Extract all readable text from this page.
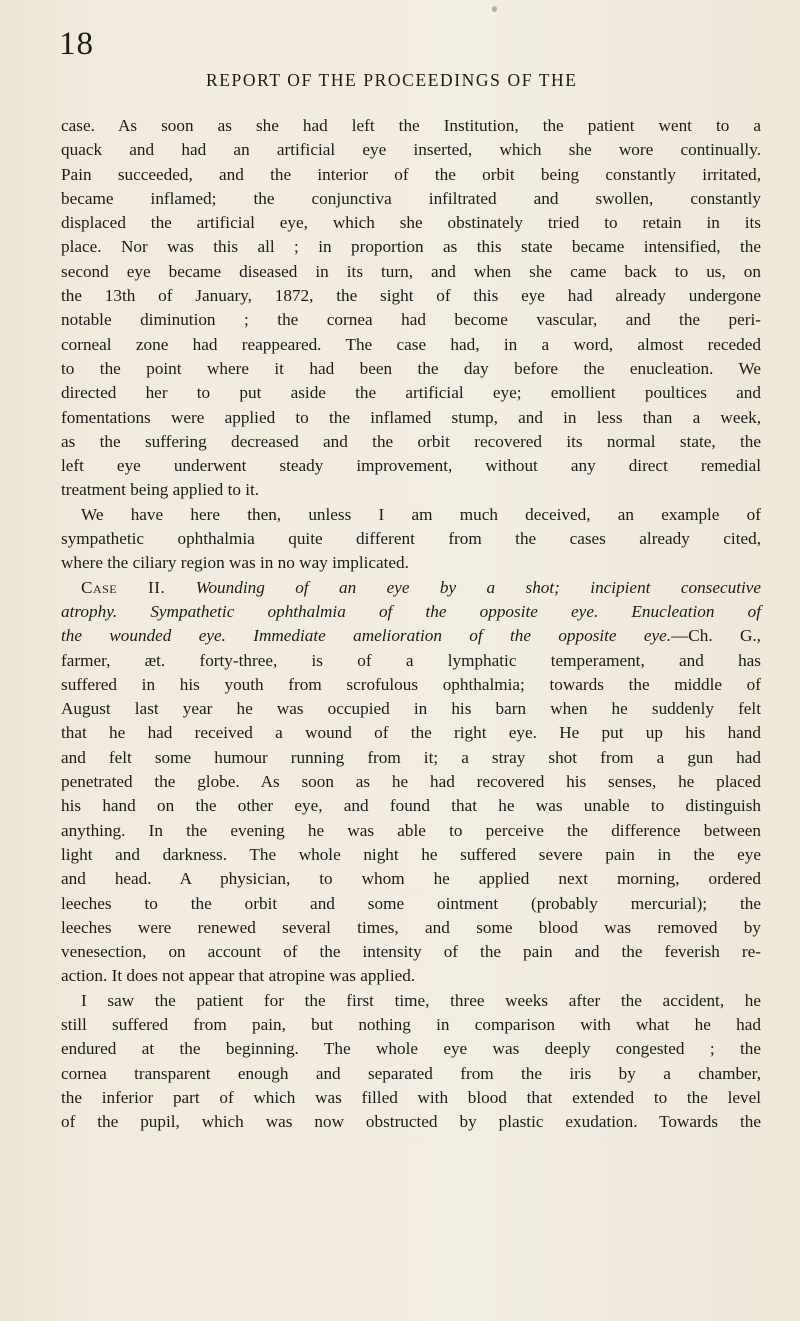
18
REPORT OF THE PROCEEDINGS OF THE
case. As soon as she had left the Institution, the patient went to a
quack and had an artificial eye inserted, which she wore continually.
Pain succeeded, and the interior of the orbit being constantly irritated,
became inflamed; the conjunctiva infiltrated and swollen, constantly
displaced the artificial eye, which she obstinately tried to retain in its
place. Nor was this all ; in proportion as this state became intensified, the
second eye became diseased in its turn, and when she came back to us, on
the 13th of January, 1872, the sight of this eye had already undergone
notable diminution ; the cornea had become vascular, and the peri-
corneal zone had reappeared. The case had, in a word, almost receded
to the point where it had been the day before the enucleation. We
directed her to put aside the artificial eye; emollient poultices and
fomentations were applied to the inflamed stump, and in less than a week,
as the suffering decreased and the orbit recovered its normal state, the
left eye underwent steady improvement, without any direct remedial
treatment being applied to it.
We have here then, unless I am much deceived, an example of
sympathetic ophthalmia quite different from the cases already cited,
where the ciliary region was in no way implicated.
Case II. Wounding of an eye by a shot; incipient consecutive
atrophy. Sympathetic ophthalmia of the opposite eye. Enucleation of
the wounded eye. Immediate amelioration of the opposite eye.—Ch. G.,
farmer, æt. forty-three, is of a lymphatic temperament, and has
suffered in his youth from scrofulous ophthalmia; towards the middle of
August last year he was occupied in his barn when he suddenly felt
that he had received a wound of the right eye. He put up his hand
and felt some humour running from it; a stray shot from a gun had
penetrated the globe. As soon as he had recovered his senses, he placed
his hand on the other eye, and found that he was unable to distinguish
anything. In the evening he was able to perceive the difference between
light and darkness. The whole night he suffered severe pain in the eye
and head. A physician, to whom he applied next morning, ordered
leeches to the orbit and some ointment (probably mercurial); the
leeches were renewed several times, and some blood was removed by
venesection, on account of the intensity of the pain and the feverish re-
action. It does not appear that atropine was applied.
I saw the patient for the first time, three weeks after the accident, he
still suffered from pain, but nothing in comparison with what he had
endured at the beginning. The whole eye was deeply congested ; the
cornea transparent enough and separated from the iris by a chamber,
the inferior part of which was filled with blood that extended to the level
of the pupil, which was now obstructed by plastic exudation. Towards the
